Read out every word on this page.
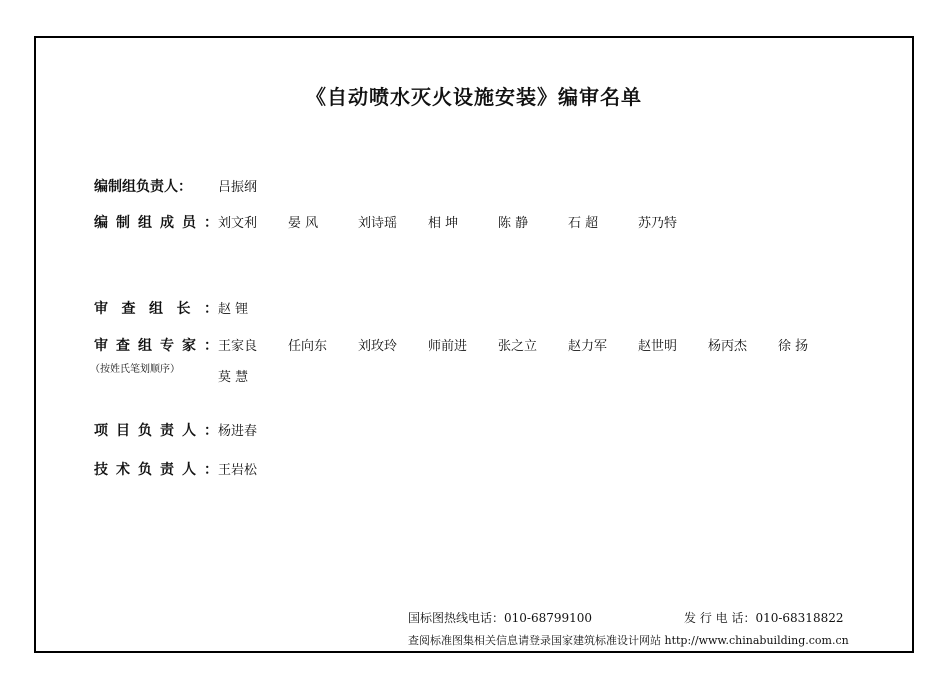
《自动喷水灭火设施安装》编审名单
编制组负责人：	吕振纲
编 制 组 成 员 ： 刘文利	晏 风	刘诗瑶	相 坤	陈 静	石 超	苏乃特
审 查 组 长 ： 赵 锂
审 查 组 专 家 ： 王家良	任向东	刘玫玲	师前进	张之立	赵力军	赵世明	杨丙杰	徐 扬
莫 慧
（按姓氏笔划顺序）
项 目 负 责 人 ： 杨进春
技 术 负 责 人 ： 王岩松
国标图热线电话：010-68799100	发 行 电 话：010-68318822
查阅标准图集相关信息请登录国家建筑标准设计网站 http://www.chinabuilding.com.cn
